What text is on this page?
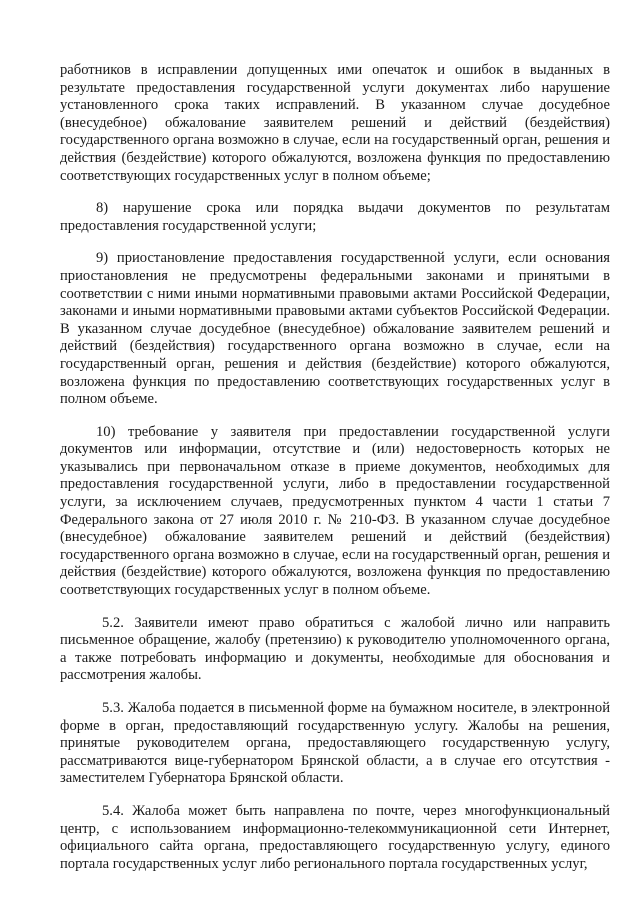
работников в исправлении допущенных ими опечаток и ошибок в выданных в результате предоставления государственной услуги документах либо нарушение установленного срока таких исправлений. В указанном случае досудебное (внесудебное) обжалование заявителем решений и действий (бездействия) государственного органа возможно в случае, если на государственный орган, решения и действия (бездействие) которого обжалуются, возложена функция по предоставлению соответствующих государственных услуг в полном объеме;

8) нарушение срока или порядка выдачи документов по результатам предоставления государственной услуги;

9) приостановление предоставления государственной услуги, если основания приостановления не предусмотрены федеральными законами и принятыми в соответствии с ними иными нормативными правовыми актами Российской Федерации, законами и иными нормативными правовыми актами субъектов Российской Федерации. В указанном случае досудебное (внесудебное) обжалование заявителем решений и действий (бездействия) государственного органа возможно в случае, если на государственный орган, решения и действия (бездействие) которого обжалуются, возложена функция по предоставлению соответствующих государственных услуг в полном объеме.

10) требование у заявителя при предоставлении государственной услуги документов или информации, отсутствие и (или) недостоверность которых не указывались при первоначальном отказе в приеме документов, необходимых для предоставления государственной услуги, либо в предоставлении государственной услуги, за исключением случаев, предусмотренных пунктом 4 части 1 статьи 7 Федерального закона от 27 июля 2010 г. № 210-ФЗ. В указанном случае досудебное (внесудебное) обжалование заявителем решений и действий (бездействия) государственного органа возможно в случае, если на государственный орган, решения и действия (бездействие) которого обжалуются, возложена функция по предоставлению соответствующих государственных услуг в полном объеме.

5.2. Заявители имеют право обратиться с жалобой лично или направить письменное обращение, жалобу (претензию) к руководителю уполномоченного органа, а также потребовать информацию и документы, необходимые для обоснования и рассмотрения жалобы.

5.3. Жалоба подается в письменной форме на бумажном носителе, в электронной форме в орган, предоставляющий государственную услугу. Жалобы на решения, принятые руководителем органа, предоставляющего государственную услугу, рассматриваются вице-губернатором Брянской области, а в случае его отсутствия - заместителем Губернатора Брянской области.

5.4. Жалоба может быть направлена по почте, через многофункциональный центр, с использованием информационно-телекоммуникационной сети Интернет, официального сайта органа, предоставляющего государственную услугу, единого портала государственных услуг либо регионального портала государственных услуг,
